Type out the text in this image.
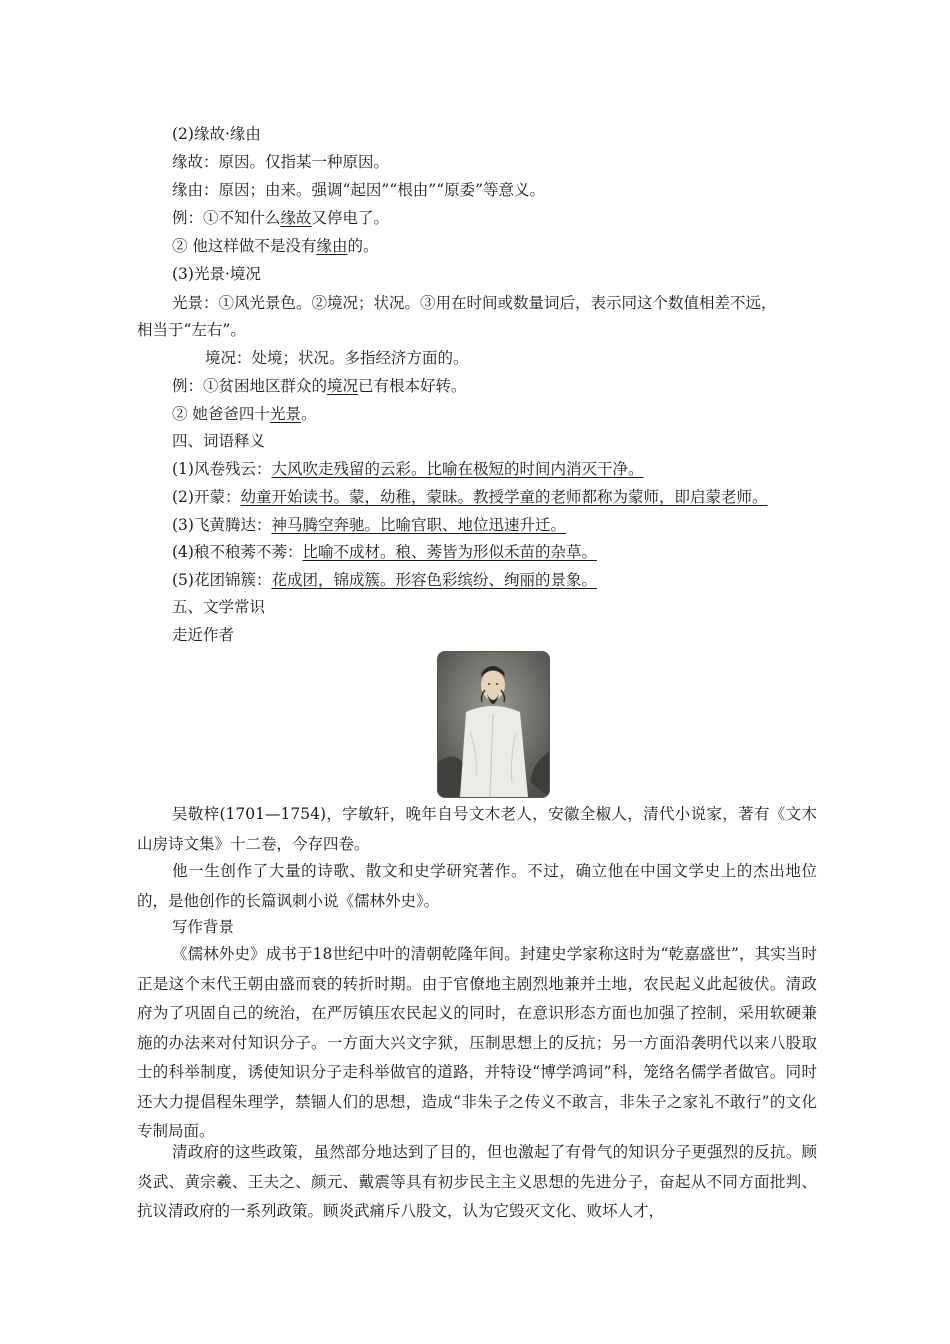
(2)缘故·缘由
缘故：原因。仅指某一种原因。
缘由：原因；由来。强调“起因”“根由”“原委”等意义。
例：①不知什么缘故又停电了。
② 他这样做不是没有缘由的。
(3)光景·境况
光景：①风光景色。②境况；状况。③用在时间或数量词后，表示同这个数值相差不远，
相当于“左右”。
境况：处境；状况。多指经济方面的。
例：①贫困地区群众的境况已有根本好转。
② 她爸爸四十光景。
四、词语释义
(1)风卷残云：大风吹走残留的云彩。比喻在极短的时间内消灭干净。
(2)开蒙：幼童开始读书。蒙，幼稚，蒙昧。教授学童的老师都称为蒙师，即启蒙老师。
(3)飞黄腾达：神马腾空奔驰。比喻官职、地位迅速升迁。
(4)稂不稂莠不莠：比喻不成材。稂、莠皆为形似禾苗的杂草。
(5)花团锦簇：花成团，锦成簇。形容色彩缤纷、绚丽的景象。
五、文学常识
走近作者
吴敬梓(1701—1754)，字敏轩，晚年自号文木老人，安徽全椒人，清代小说家，著有《文木山房诗文集》十二卷，今存四卷。
他一生创作了大量的诗歌、散文和史学研究著作。不过，确立他在中国文学史上的杰出地位的，是他创作的长篇讽刺小说《儒林外史》。
写作背景
《儒林外史》成书于18世纪中叶的清朝乾隆年间。封建史学家称这时为“乾嘉盛世”，其实当时正是这个末代王朝由盛而衰的转折时期。由于官僚地主剧烈地兼并土地，农民起义此起彼伏。清政府为了巩固自己的统治，在严厉镇压农民起义的同时，在意识形态方面也加强了控制，采用软硬兼施的办法来对付知识分子。一方面大兴文字狱，压制思想上的反抗；另一方面沿袭明代以来八股取士的科举制度，诱使知识分子走科举做官的道路，并特设“博学鸿词”科，笼络名儒学者做官。同时还大力提倡程朱理学，禁锢人们的思想，造成“非朱子之传义不敢言，非朱子之家礼不敢行”的文化专制局面。
清政府的这些政策，虽然部分地达到了目的，但也激起了有骨气的知识分子更强烈的反抗。顾炎武、黄宗羲、王夫之、颜元、戴震等具有初步民主主义思想的先进分子，奋起从不同方面批判、抗议清政府的一系列政策。顾炎武痛斥八股文，认为它毁灭文化、败坏人才，
